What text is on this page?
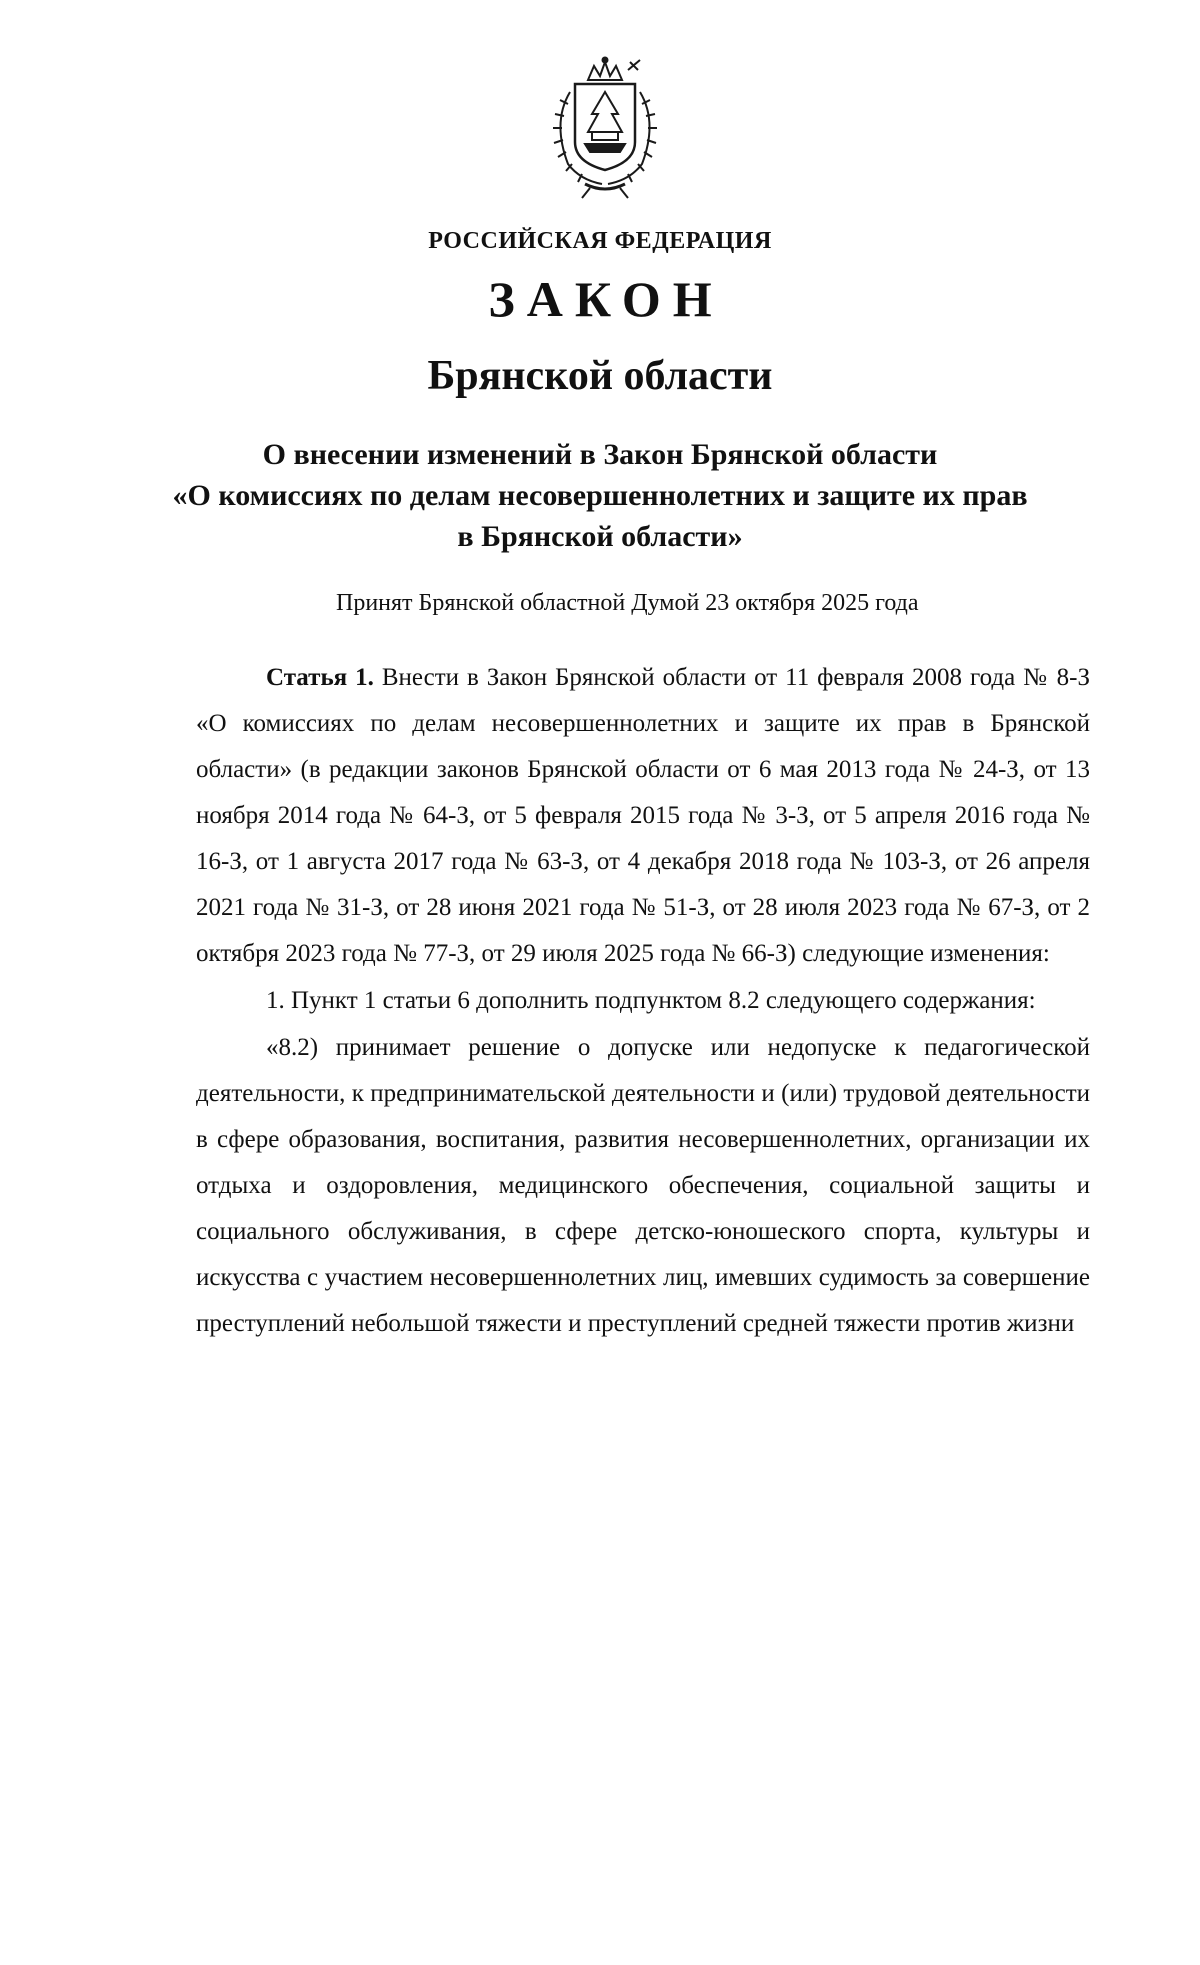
РОССИЙСКАЯ ФЕДЕРАЦИЯ
ЗАКОН
Брянской области
О внесении изменений в Закон Брянской области
«О комиссиях по делам несовершеннолетних и защите их прав
в Брянской области»
Принят Брянской областной Думой 23 октября 2025 года

Статья 1. Внести в Закон Брянской области от 11 февраля 2008 года № 8-З «О комиссиях по делам несовершеннолетних и защите их прав в Брянской области» (в редакции законов Брянской области от 6 мая 2013 года № 24-З, от 13 ноября 2014 года № 64-З, от 5 февраля 2015 года № 3-З, от 5 апреля 2016 года № 16-З, от 1 августа 2017 года № 63-З, от 4 декабря 2018 года № 103-З, от 26 апреля 2021 года № 31-З, от 28 июня 2021 года № 51-З, от 28 июля 2023 года № 67-З, от 2 октября 2023 года № 77-З, от 29 июля 2025 года № 66-З) следующие изменения:

1. Пункт 1 статьи 6 дополнить подпунктом 8.2 следующего содержания:

«8.2) принимает решение о допуске или недопуске к педагогической деятельности, к предпринимательской деятельности и (или) трудовой деятельности в сфере образования, воспитания, развития несовершеннолетних, организации их отдыха и оздоровления, медицинского обеспечения, социальной защиты и социального обслуживания, в сфере детско-юношеского спорта, культуры и искусства с участием несовершеннолетних лиц, имевших судимость за совершение преступлений небольшой тяжести и преступлений средней тяжести против жизни
